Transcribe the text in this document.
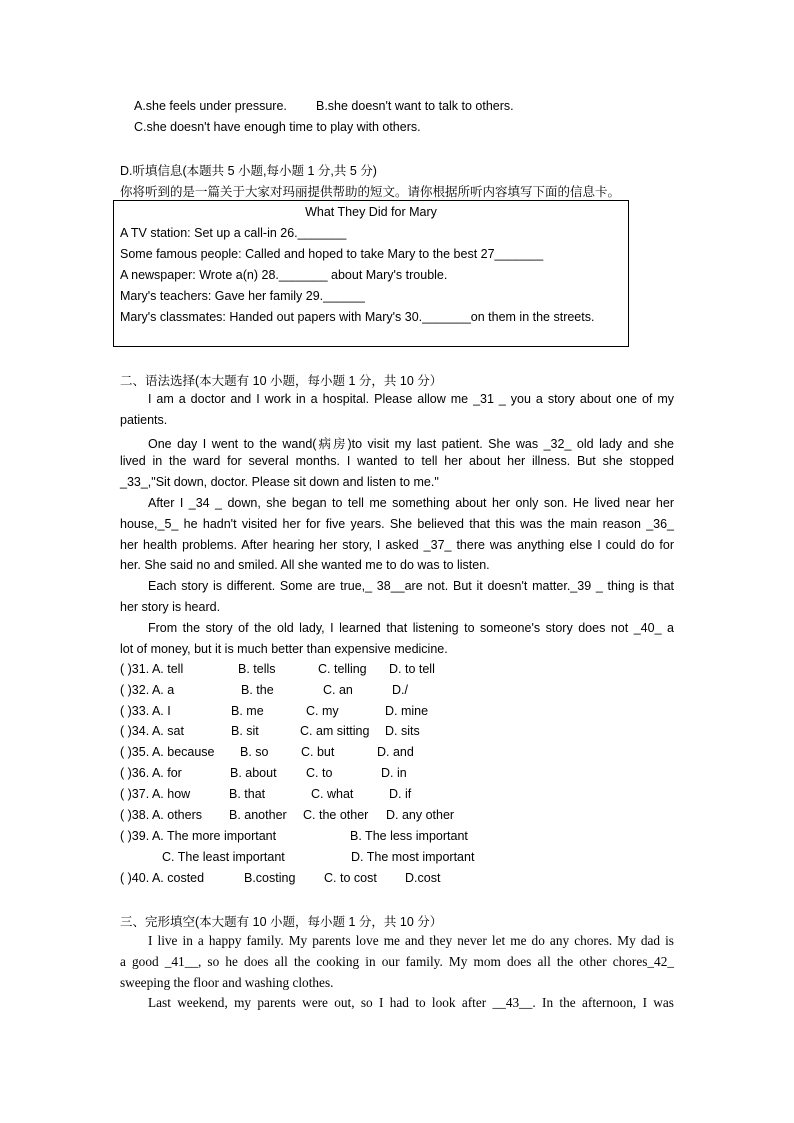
A.she feels under pressure. B.she doesn't want to talk to others.
C.she doesn't have enough time to play with others.
D.听填信息(本题共 5 小题,每小题 1 分,共 5 分)
你将听到的是一篇关于大家对玛丽提供帮助的短文。请你根据所听内容填写下面的信息卡。
What They Did for Mary
A TV station: Set up a call-in 26._______
Some famous people: Called and hoped to take Mary to the best 27_______
A newspaper: Wrote a(n) 28._______ about Mary's trouble.
Mary's teachers: Gave her family 29.______
Mary's classmates: Handed out papers with Mary's 30._______on them in the streets.
二、语法选择(本大题有 10 小题，每小题 1 分，共 10 分）
I am a doctor and I work in a hospital. Please allow me _31 _ you a story about one of my
patients.
One day I went to the wand(病房)to visit my last patient. She was _32_ old lady and she
lived in the ward for several months. I wanted to tell her about her illness. But she stopped
_33_,"Sit down, doctor. Please sit down and listen to me."
After I _34 _ down, she began to tell me something about her only son. He lived near her
house,_5_ he hadn't visited her for five years. She believed that this was the main reason _36_
her health problems. After hearing her story, I asked _37_ there was anything else I could do for
her. She said no and smiled. All she wanted me to do was to listen.
Each story is different. Some are true,_ 38__are not. But it doesn't matter._39 _ thing is that
her story is heard.
From the story of the old lady, I learned that listening to someone's story does not _40_ a
lot of money, but it is much better than expensive medicine.
( )31. A. tell	B. tells	C. telling D. to tell
( )32. A. a	B. the	C. an	D./
( )33. A. I	B. me	C. my	D. mine
( )34. A. sat	B. sit	C. am sitting D. sits
( )35. A. because B. so	C. but	D. and
( )36. A. for	B. about C. to	D. in
( )37. A. how	B. that	C. what	D. if
( )38. A. others B. another C. the other D. any other
( )39. A. The more important	B. The less important
C. The least important	D. The most important
( )40. A. costed	B.costing C. to cost D.cost
三、完形填空(本大题有 10 小题，每小题 1 分，共 10 分）
I live in a happy family. My parents love me and they never let me do any chores. My dad is
a good _41__, so he does all the cooking in our family. My mom does all the other chores_42_
sweeping the floor and washing clothes.
Last weekend, my parents were out, so I had to look after __43__. In the afternoon, I was
